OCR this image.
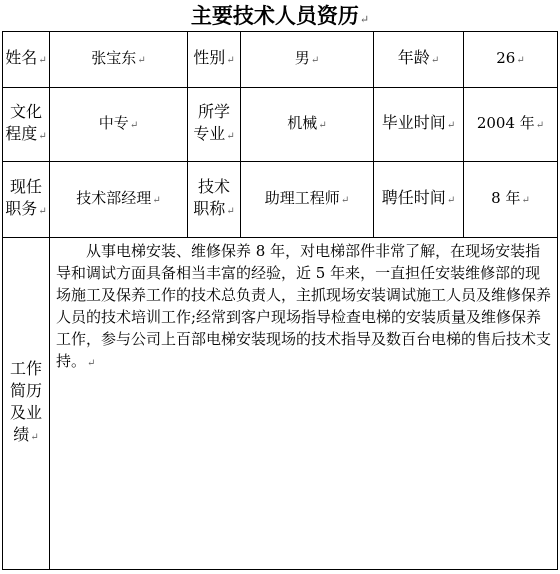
主要技术人员资历↵
姓名↵	张宝东↵	性别↵	男↵	年龄↵	26↵
文化
程度↵	中专↵	所学
专业↵	机械↵	毕业时间↵	2004 年↵
现任
职务↵	技术部经理↵	技术
职称↵	助理工程师↵	聘任时间↵	8 年↵
工作
简历
及业
绩↵	从事电梯安装、维修保养 8 年，对电梯部件非常了解，在现场安装指导和调试方面具备相当丰富的经验，近 5 年来，一直担任安装维修部的现场施工及保养工作的技术总负责人，主抓现场安装调试施工人员及维修保养人员的技术培训工作;经常到客户现场指导检查电梯的安装质量及维修保养工作，参与公司上百部电梯安装现场的技术指导及数百台电梯的售后技术支持。↵				
